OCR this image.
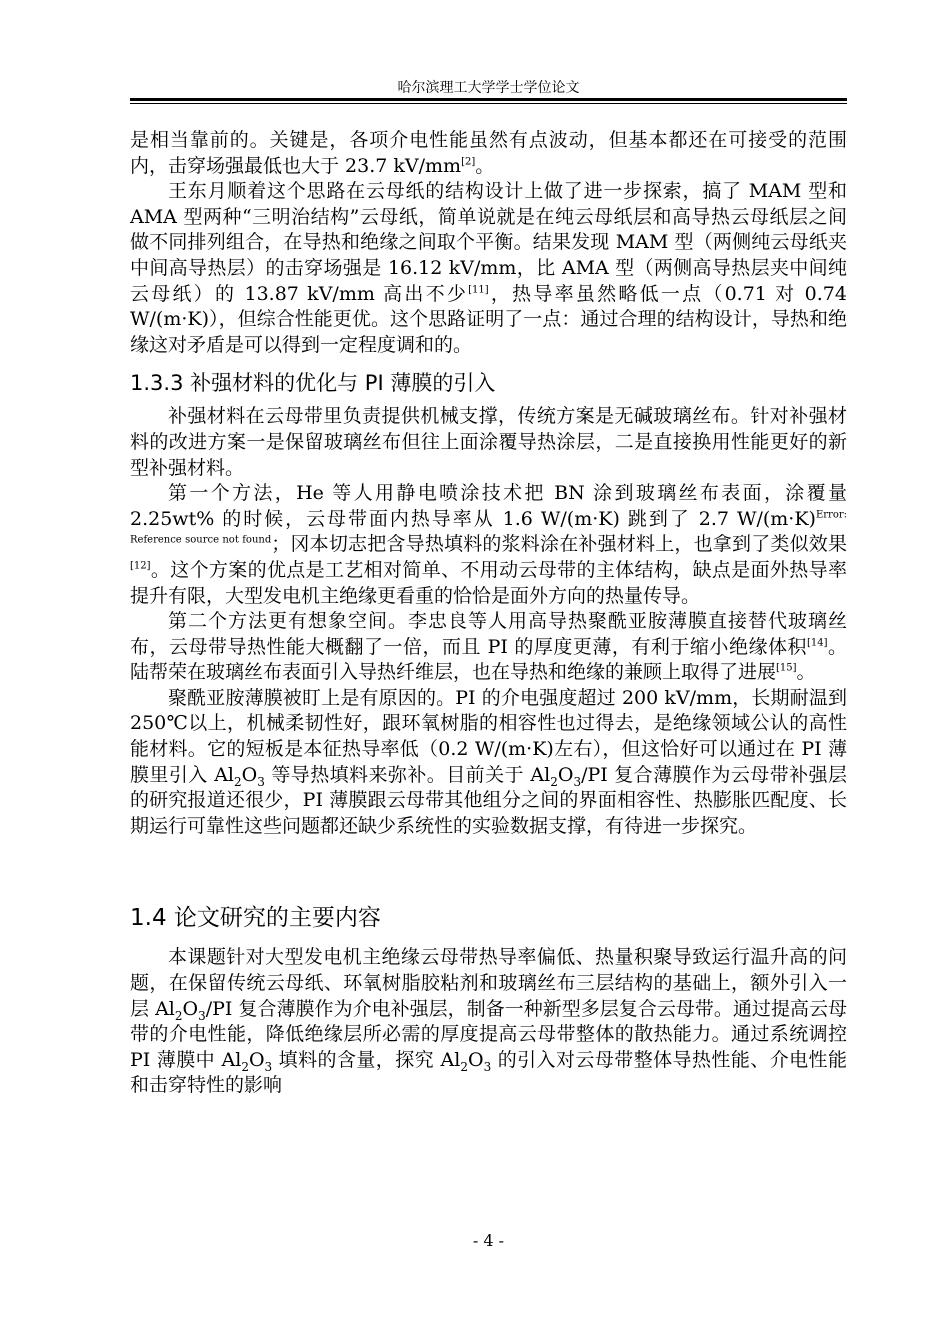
哈尔滨理工大学学士学位论文

是相当靠前的。关键是，各项介电性能虽然有点波动，但基本都还在可接受的范围内，击穿场强最低也大于 23.7 kV/mm[2]。

王东月顺着这个思路在云母纸的结构设计上做了进一步探索，搞了 MAM 型和 AMA 型两种“三明治结构”云母纸，简单说就是在纯云母纸层和高导热云母纸层之间做不同排列组合，在导热和绝缘之间取个平衡。结果发现 MAM 型（两侧纯云母纸夹中间高导热层）的击穿场强是 16.12 kV/mm，比 AMA 型（两侧高导热层夹中间纯云母纸）的 13.87 kV/mm 高出不少[11]，热导率虽然略低一点（0.71 对 0.74 W/(m·K)），但综合性能更优。这个思路证明了一点：通过合理的结构设计，导热和绝缘这对矛盾是可以得到一定程度调和的。

1.3.3 补强材料的优化与 PI 薄膜的引入

补强材料在云母带里负责提供机械支撑，传统方案是无碱玻璃丝布。针对补强材料的改进方案一是保留玻璃丝布但往上面涂覆导热涂层，二是直接换用性能更好的新型补强材料。

第一个方法，He 等人用静电喷涂技术把 BN 涂到玻璃丝布表面，涂覆量 2.25wt% 的时候，云母带面内热导率从 1.6 W/(m·K) 跳到了 2.7 $W/(m\cdot K)^{Error: Reference source not found}$；冈本切志把含导热填料的浆料涂在补强材料上，也拿到了类似效果[12]。这个方案的优点是工艺相对简单、不用动云母带的主体结构，缺点是面外热导率提升有限，大型发电机主绝缘更看重的恰恰是面外方向的热量传导。

第二个方法更有想象空间。李忠良等人用高导热聚酰亚胺薄膜直接替代玻璃丝布，云母带导热性能大概翻了一倍，而且 PI 的厚度更薄，有利于缩小绝缘体积[14]。陆帮荣在玻璃丝布表面引入导热纤维层，也在导热和绝缘的兼顾上取得了进展[15]。

聚酰亚胺薄膜被盯上是有原因的。PI 的介电强度超过 200 kV/mm，长期耐温到 250℃以上，机械柔韧性好，跟环氧树脂的相容性也过得去，是绝缘领域公认的高性能材料。它的短板是本征热导率低（0.2 W/(m·K)左右），但这恰好可以通过在 PI 薄膜里引入 $Al_2O_3$ 等导热填料来弥补。目前关于 $Al_2O_3/PI$ 复合薄膜作为云母带补强层的研究报道还很少，PI 薄膜跟云母带其他组分之间的界面相容性、热膨胀匹配度、长期运行可靠性这些问题都还缺少系统性的实验数据支撑，有待进一步探究。

1.4 论文研究的主要内容

本课题针对大型发电机主绝缘云母带热导率偏低、热量积聚导致运行温升高的问题，在保留传统云母纸、环氧树脂胶粘剂和玻璃丝布三层结构的基础上，额外引入一层 $Al_2O_3/PI$ 复合薄膜作为介电补强层，制备一种新型多层复合云母带。通过提高云母带的介电性能，降低绝缘层所必需的厚度提高云母带整体的散热能力。通过系统调控 PI 薄膜中 $Al_2O_3$ 填料的含量，探究 $Al_2O_3$ 的引入对云母带整体导热性能、介电性能和击穿特性的影响

- 4 -
